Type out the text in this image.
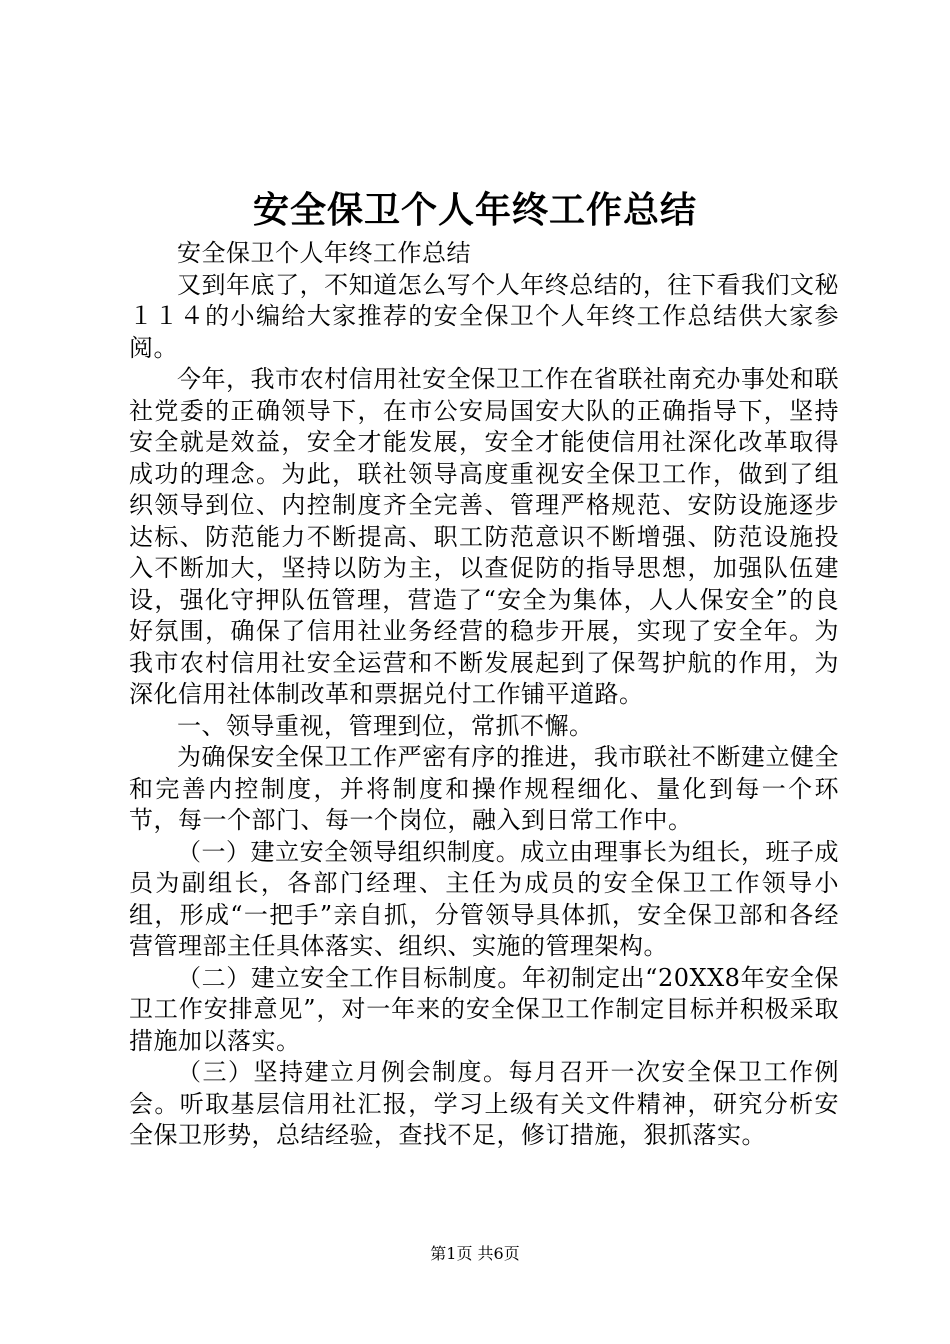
安全保卫个人年终工作总结

安全保卫个人年终工作总结

又到年底了，不知道怎么写个人年终总结的，往下看我们文秘１１４的小编给大家推荐的安全保卫个人年终工作总结供大家参阅。

今年，我市农村信用社安全保卫工作在省联社南充办事处和联社党委的正确领导下，在市公安局国安大队的正确指导下，坚持安全就是效益，安全才能发展，安全才能使信用社深化改革取得成功的理念。为此，联社领导高度重视安全保卫工作，做到了组织领导到位、内控制度齐全完善、管理严格规范、安防设施逐步达标、防范能力不断提高、职工防范意识不断增强、防范设施投入不断加大，坚持以防为主，以查促防的指导思想，加强队伍建设，强化守押队伍管理，营造了“安全为集体，人人保安全”的良好氛围，确保了信用社业务经营的稳步开展，实现了安全年。为我市农村信用社安全运营和不断发展起到了保驾护航的作用，为深化信用社体制改革和票据兑付工作铺平道路。

一、领导重视，管理到位，常抓不懈。

为确保安全保卫工作严密有序的推进，我市联社不断建立健全和完善内控制度，并将制度和操作规程细化、量化到每一个环节，每一个部门、每一个岗位，融入到日常工作中。

（一）建立安全领导组织制度。成立由理事长为组长，班子成员为副组长，各部门经理、主任为成员的安全保卫工作领导小组，形成“一把手”亲自抓，分管领导具体抓，安全保卫部和各经营管理部主任具体落实、组织、实施的管理架构。

（二）建立安全工作目标制度。年初制定出“20XX8年安全保卫工作安排意见”，对一年来的安全保卫工作制定目标并积极采取措施加以落实。

（三）坚持建立月例会制度。每月召开一次安全保卫工作例会。听取基层信用社汇报，学习上级有关文件精神，研究分析安全保卫形势，总结经验，查找不足，修订措施，狠抓落实。

第1页 共6页
